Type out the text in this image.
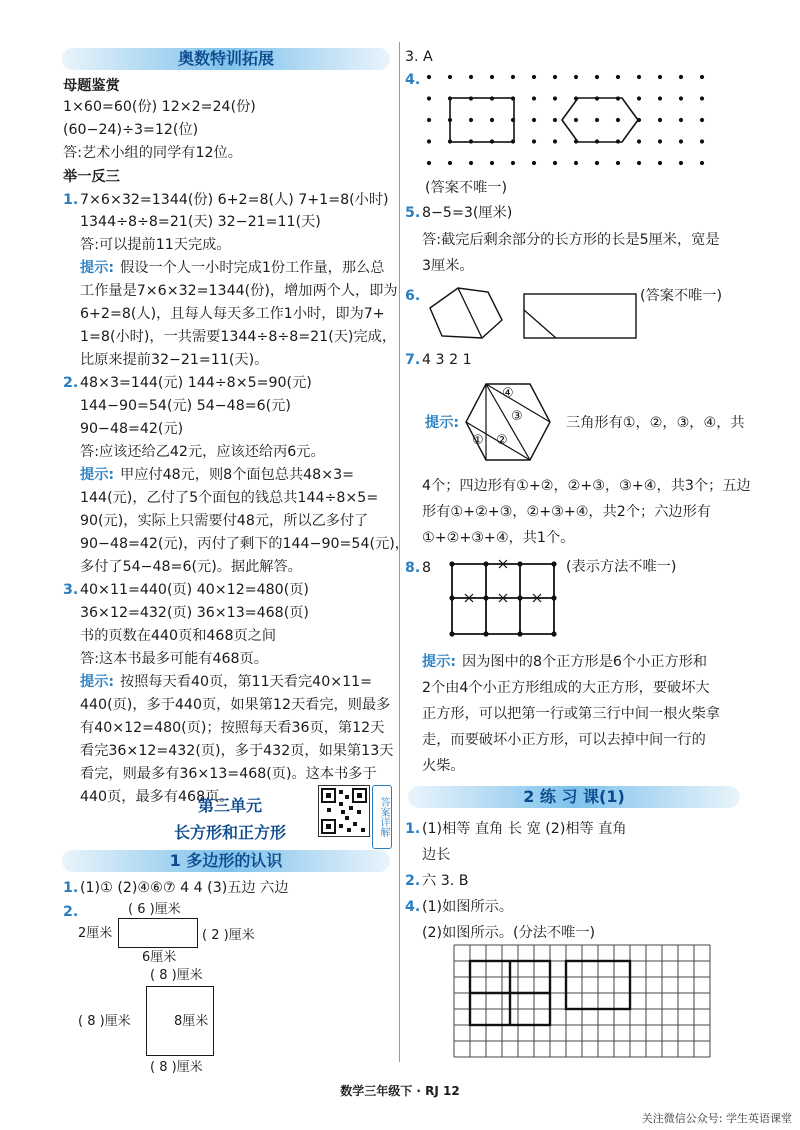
奥数特训拓展
母题鉴赏
1×60=60(份) 12×2=24(份)
(60−24)÷3=12(位)
答:艺术小组的同学有12位。
举一反三
1. 7×6×32=1344(份) 6+2=8(人) 7+1=8(小时)
1344÷8÷8=21(天) 32−21=11(天)
答:可以提前11天完成。
提示: 假设一个人一小时完成1份工作量，那么总
工作量是7×6×32=1344(份)，增加两个人，即为
6+2=8(人)，且每人每天多工作1小时，即为7+
1=8(小时)，一共需要1344÷8÷8=21(天)完成，
比原来提前32−21=11(天)。
2. 48×3=144(元) 144÷8×5=90(元)
144−90=54(元) 54−48=6(元)
90−48=42(元)
答:应该还给乙42元，应该还给丙6元。
提示: 甲应付48元，则8个面包总共48×3=
144(元)，乙付了5个面包的钱总共144÷8×5=
90(元)，实际上只需要付48元，所以乙多付了
90−48=42(元)，丙付了剩下的144−90=54(元)，
多付了54−48=6(元)。据此解答。
3. 40×11=440(页) 40×12=480(页)
36×12=432(页) 36×13=468(页)
书的页数在440页和468页之间
答:这本书最多可能有468页。
提示: 按照每天看40页，第11天看完40×11=
440(页)，多于440页，如果第12天看完，则最多
有40×12=480(页)；按照每天看36页，第12天
看完36×12=432(页)，多于432页，如果第13天
看完，则最多有36×13=468(页)。这本书多于
440页，最多有468页。
第三单元
长方形和正方形	答案详解
1 多边形的认识
1. (1)① (2)④⑥⑦ 4 4 (3)五边 六边
2.	( 6 )厘米
2厘米	( 2 )厘米
6厘米
( 8 )厘米
( 8 )厘米	8厘米
( 8 )厘米
3. A
4.
(答案不唯一)
5. 8−5=3(厘米)
答:截完后剩余部分的长方形的长是5厘米，宽是
3厘米。
6.	(答案不唯一)
7. 4 3 2 1
提示:
④
③
① ②
三角形有①，②，③，④，共
4个；四边形有①+②，②+③，③+④，共3个；五边
形有①+②+③，②+③+④，共2个；六边形有
①+②+③+④，共1个。
8. 8	(表示方法不唯一)
提示: 因为图中的8个正方形是6个小正方形和
2个由4个小正方形组成的大正方形，要破坏大
正方形，可以把第一行或第三行中间一根火柴拿
走，而要破坏小正方形，可以去掉中间一行的
火柴。
2 练 习 课(1)
1. (1)相等 直角 长 宽 (2)相等 直角
边长
2. 六 3. B
4. (1)如图所示。
(2)如图所示。(分法不唯一)
数学三年级下 · RJ 12
关注微信公众号: 学生英语课堂
